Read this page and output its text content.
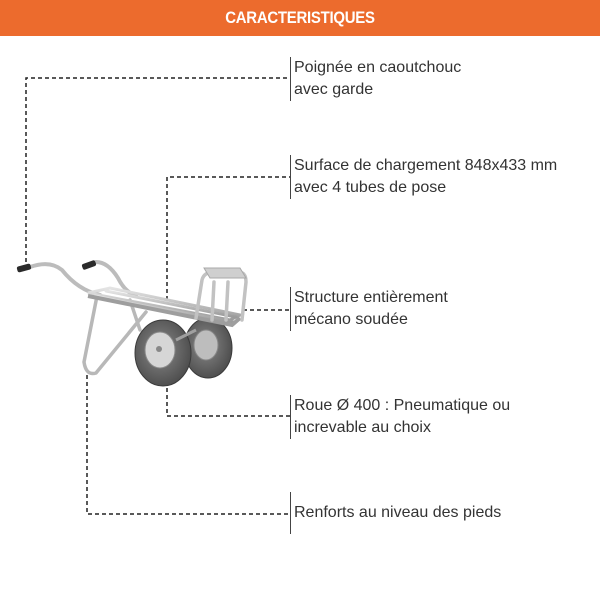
CARACTERISTIQUES
Poignée en caoutchouc
avec garde
Surface de chargement 848x433 mm
avec 4 tubes de pose
Structure entièrement
mécano soudée
Roue Ø 400 : Pneumatique ou
increvable au choix
Renforts au niveau des pieds
